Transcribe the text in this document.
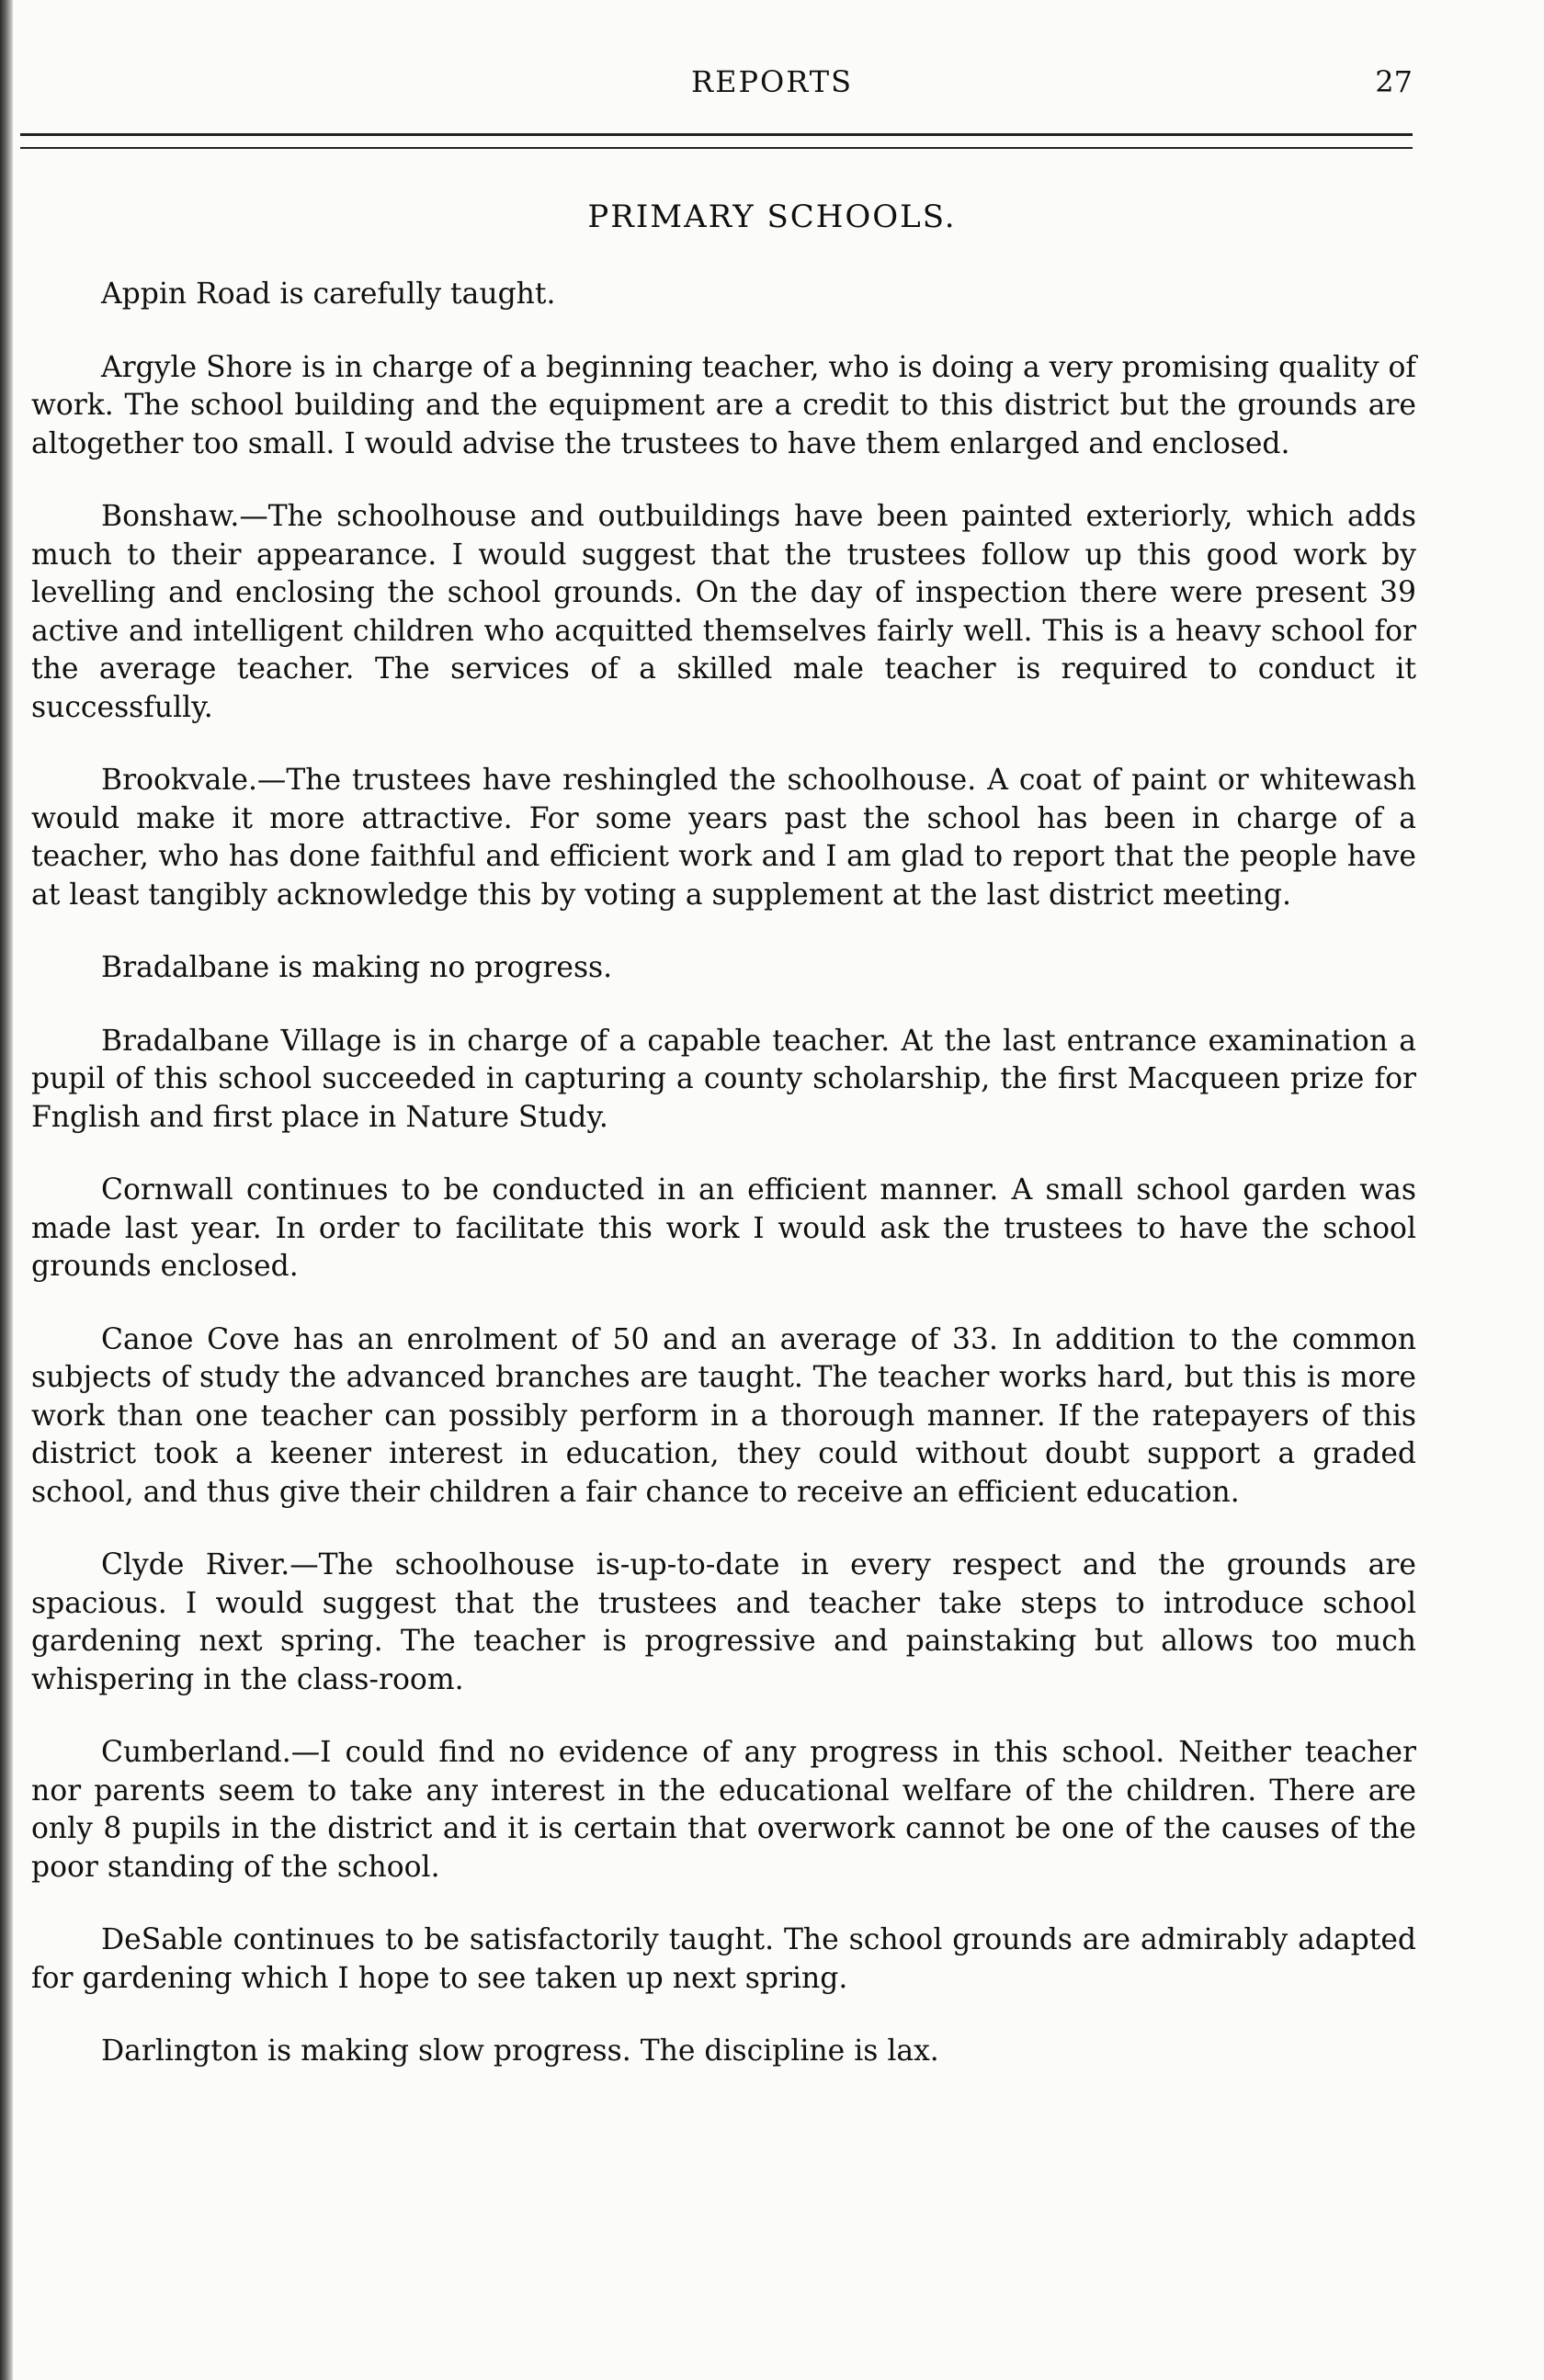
REPORTS	27
PRIMARY SCHOOLS.

Appin Road is carefully taught.

Argyle Shore is in charge of a beginning teacher, who is doing a very promising quality of work. The school building and the equipment are a credit to this district but the grounds are altogether too small. I would advise the trustees to have them enlarged and enclosed.

Bonshaw.—The schoolhouse and outbuildings have been painted exteriorly, which adds much to their appearance. I would suggest that the trustees follow up this good work by levelling and enclosing the school grounds. On the day of inspection there were present 39 active and intelligent children who acquitted themselves fairly well. This is a heavy school for the average teacher. The services of a skilled male teacher is required to conduct it successfully.

Brookvale.—The trustees have reshingled the schoolhouse. A coat of paint or whitewash would make it more attractive. For some years past the school has been in charge of a teacher, who has done faithful and efficient work and I am glad to report that the people have at least tangibly acknowledge this by voting a supplement at the last district meeting.

Bradalbane is making no progress.

Bradalbane Village is in charge of a capable teacher. At the last entrance examination a pupil of this school succeeded in capturing a county scholarship, the first Macqueen prize for Fnglish and first place in Nature Study.

Cornwall continues to be conducted in an efficient manner. A small school garden was made last year. In order to facilitate this work I would ask the trustees to have the school grounds enclosed.

Canoe Cove has an enrolment of 50 and an average of 33. In addition to the common subjects of study the advanced branches are taught. The teacher works hard, but this is more work than one teacher can possibly perform in a thorough manner. If the ratepayers of this district took a keener interest in education, they could without doubt support a graded school, and thus give their children a fair chance to receive an efficient education.

Clyde River.—The schoolhouse is-up-to-date in every respect and the grounds are spacious. I would suggest that the trustees and teacher take steps to introduce school gardening next spring. The teacher is progressive and painstaking but allows too much whispering in the class-room.

Cumberland.—I could find no evidence of any progress in this school. Neither teacher nor parents seem to take any interest in the educational welfare of the children. There are only 8 pupils in the district and it is certain that overwork cannot be one of the causes of the poor standing of the school.

DeSable continues to be satisfactorily taught. The school grounds are admirably adapted for gardening which I hope to see taken up next spring.

Darlington is making slow progress. The discipline is lax.
